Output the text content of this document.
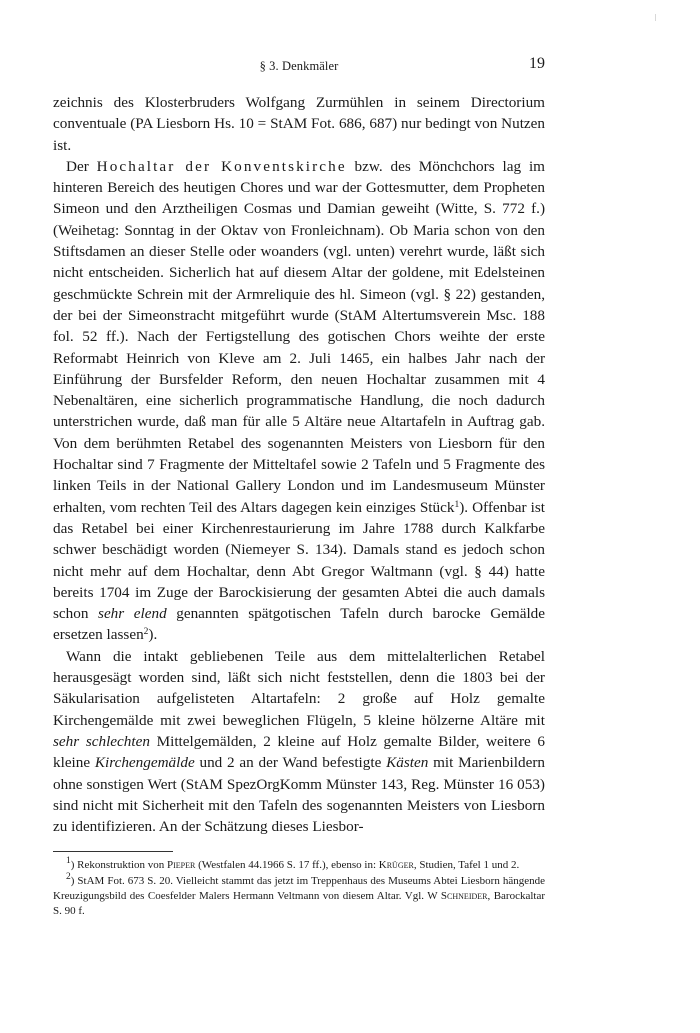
§ 3. Denkmäler	19

zeichnis des Klosterbruders Wolfgang Zurmühlen in seinem Directorium conventuale (PA Liesborn Hs. 10 = StAM Fot. 686, 687) nur bedingt von Nutzen ist.

Der Hochaltar der Konventskirche bzw. des Mönchchors lag im hinteren Bereich des heutigen Chores und war der Gottesmutter, dem Propheten Simeon und den Arztheiligen Cosmas und Damian geweiht (Witte, S. 772 f.) (Weihetag: Sonntag in der Oktav von Fronleichnam). Ob Maria schon von den Stiftsdamen an dieser Stelle oder woanders (vgl. unten) verehrt wurde, läßt sich nicht entscheiden. Sicherlich hat auf diesem Altar der goldene, mit Edelsteinen geschmückte Schrein mit der Armreliquie des hl. Simeon (vgl. § 22) gestanden, der bei der Simeonstracht mitgeführt wurde (StAM Altertumsverein Msc. 188 fol. 52 ff.). Nach der Fertigstellung des gotischen Chors weihte der erste Reformabt Heinrich von Kleve am 2. Juli 1465, ein halbes Jahr nach der Einführung der Bursfelder Reform, den neuen Hochaltar zusammen mit 4 Nebenaltären, eine sicherlich programmatische Handlung, die noch dadurch unterstrichen wurde, daß man für alle 5 Altäre neue Altartafeln in Auftrag gab. Von dem berühmten Retabel des sogenannten Meisters von Liesborn für den Hochaltar sind 7 Fragmente der Mitteltafel sowie 2 Tafeln und 5 Fragmente des linken Teils in der National Gallery London und im Landesmuseum Münster erhalten, vom rechten Teil des Altars dagegen kein einziges Stück$^1$). Offenbar ist das Retabel bei einer Kirchenrestaurierung im Jahre 1788 durch Kalkfarbe schwer beschädigt worden (Niemeyer S. 134). Damals stand es jedoch schon nicht mehr auf dem Hochaltar, denn Abt Gregor Waltmann (vgl. § 44) hatte bereits 1704 im Zuge der Barockisierung der gesamten Abtei die auch damals schon sehr elend genannten spätgotischen Tafeln durch barocke Gemälde ersetzen lassen$^2$).

Wann die intakt gebliebenen Teile aus dem mittelalterlichen Retabel herausgesägt worden sind, läßt sich nicht feststellen, denn die 1803 bei der Säkularisation aufgelisteten Altartafeln: 2 große auf Holz gemalte Kirchengemälde mit zwei beweglichen Flügeln, 5 kleine hölzerne Altäre mit sehr schlechten Mittelgemälden, 2 kleine auf Holz gemalte Bilder, weitere 6 kleine Kirchengemälde und 2 an der Wand befestigte Kästen mit Marienbildern ohne sonstigen Wert (StAM SpezOrgKomm Münster 143, Reg. Münster 16 053) sind nicht mit Sicherheit mit den Tafeln des sogenannten Meisters von Liesborn zu identifizieren. An der Schätzung dieses Liesbor-

$^1$) Rekonstruktion von Pieper (Westfalen 44.1966 S. 17 ff.), ebenso in: Krüger, Studien, Tafel 1 und 2.

$^2$) StAM Fot. 673 S. 20. Vielleicht stammt das jetzt im Treppenhaus des Museums Abtei Liesborn hängende Kreuzigungsbild des Coesfelder Malers Hermann Veltmann von diesem Altar. Vgl. W Schneider, Barockaltar S. 90 f.
